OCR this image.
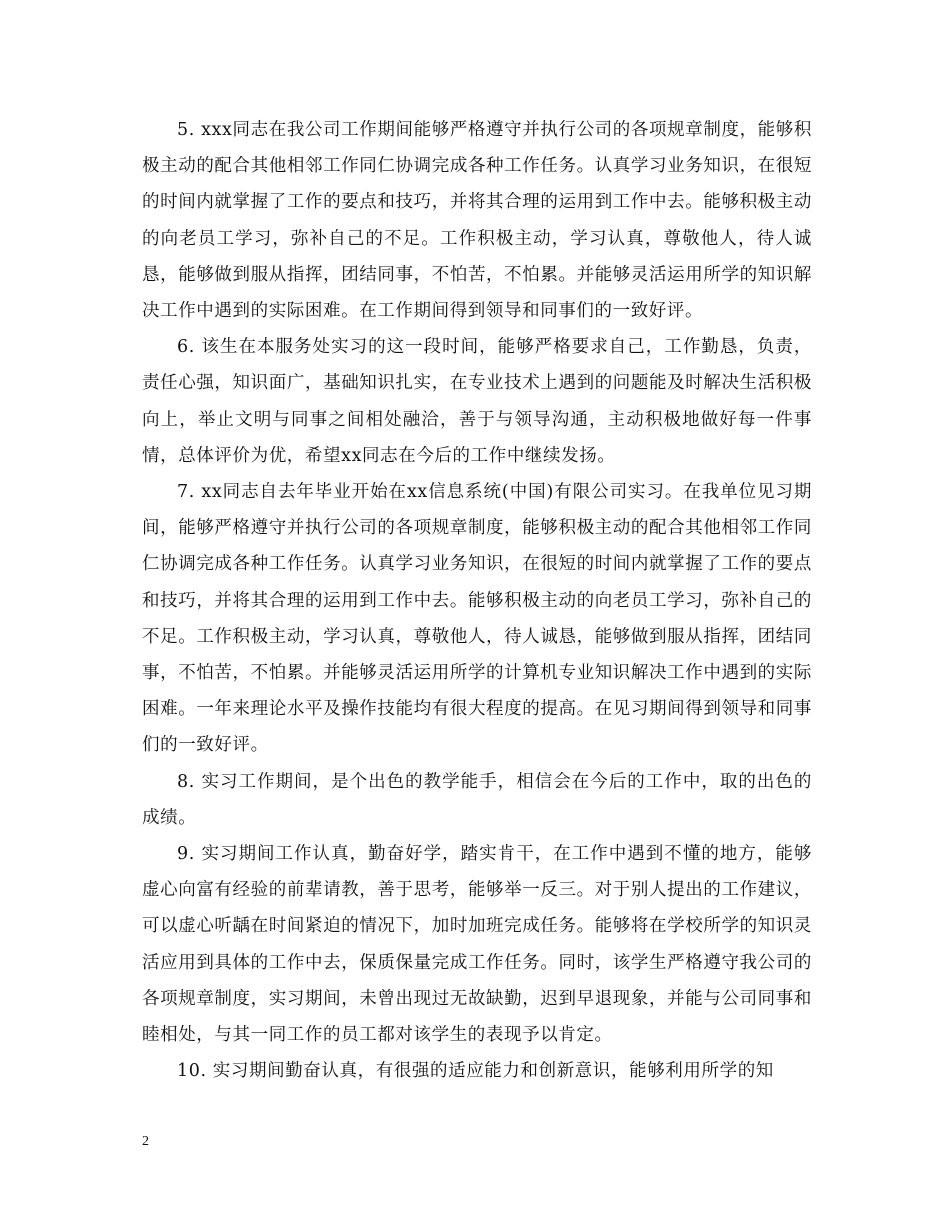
5. xxx同志在我公司工作期间能够严格遵守并执行公司的各项规章制度，能够积极主动的配合其他相邻工作同仁协调完成各种工作任务。认真学习业务知识，在很短的时间内就掌握了工作的要点和技巧，并将其合理的运用到工作中去。能够积极主动的向老员工学习，弥补自己的不足。工作积极主动，学习认真，尊敬他人，待人诚恳，能够做到服从指挥，团结同事，不怕苦，不怕累。并能够灵活运用所学的知识解决工作中遇到的实际困难。在工作期间得到领导和同事们的一致好评。

6. 该生在本服务处实习的这一段时间，能够严格要求自己，工作勤恳，负责，责任心强，知识面广，基础知识扎实，在专业技术上遇到的问题能及时解决生活积极向上，举止文明与同事之间相处融洽，善于与领导沟通，主动积极地做好每一件事情，总体评价为优，希望xx同志在今后的工作中继续发扬。

7. xx同志自去年毕业开始在xx信息系统(中国)有限公司实习。在我单位见习期间，能够严格遵守并执行公司的各项规章制度，能够积极主动的配合其他相邻工作同仁协调完成各种工作任务。认真学习业务知识，在很短的时间内就掌握了工作的要点和技巧，并将其合理的运用到工作中去。能够积极主动的向老员工学习，弥补自己的不足。工作积极主动，学习认真，尊敬他人，待人诚恳，能够做到服从指挥，团结同事，不怕苦，不怕累。并能够灵活运用所学的计算机专业知识解决工作中遇到的实际困难。一年来理论水平及操作技能均有很大程度的提高。在见习期间得到领导和同事们的一致好评。

8. 实习工作期间，是个出色的教学能手，相信会在今后的工作中，取的出色的成绩。

9. 实习期间工作认真，勤奋好学，踏实肯干，在工作中遇到不懂的地方，能够虚心向富有经验的前辈请教，善于思考，能够举一反三。对于别人提出的工作建议，可以虚心听龋在时间紧迫的情况下，加时加班完成任务。能够将在学校所学的知识灵活应用到具体的工作中去，保质保量完成工作任务。同时，该学生严格遵守我公司的各项规章制度，实习期间，未曾出现过无故缺勤，迟到早退现象，并能与公司同事和睦相处，与其一同工作的员工都对该学生的表现予以肯定。

10. 实习期间勤奋认真，有很强的适应能力和创新意识，能够利用所学的知

2
